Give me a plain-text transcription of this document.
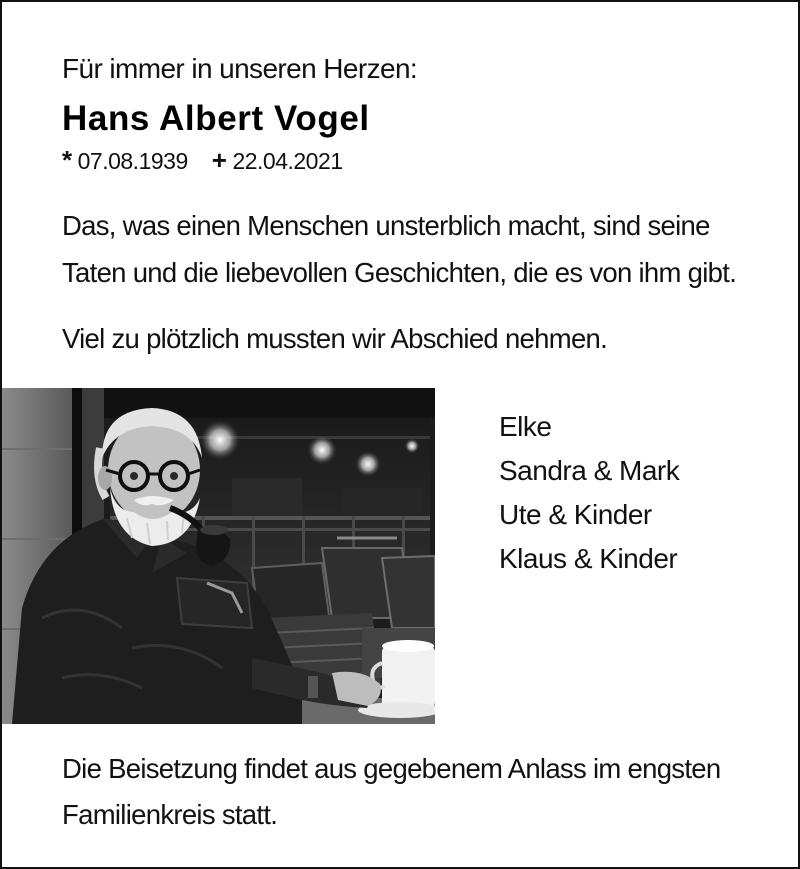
Für immer in unseren Herzen:
Hans Albert Vogel
* 07.08.1939 + 22.04.2021
Das, was einen Menschen unsterblich macht, sind seine
Taten und die liebevollen Geschichten, die es von ihm gibt.
Viel zu plötzlich mussten wir Abschied nehmen.
Elke
Sandra & Mark
Ute & Kinder
Klaus & Kinder
Die Beisetzung findet aus gegebenem Anlass im engsten
Familienkreis statt.
